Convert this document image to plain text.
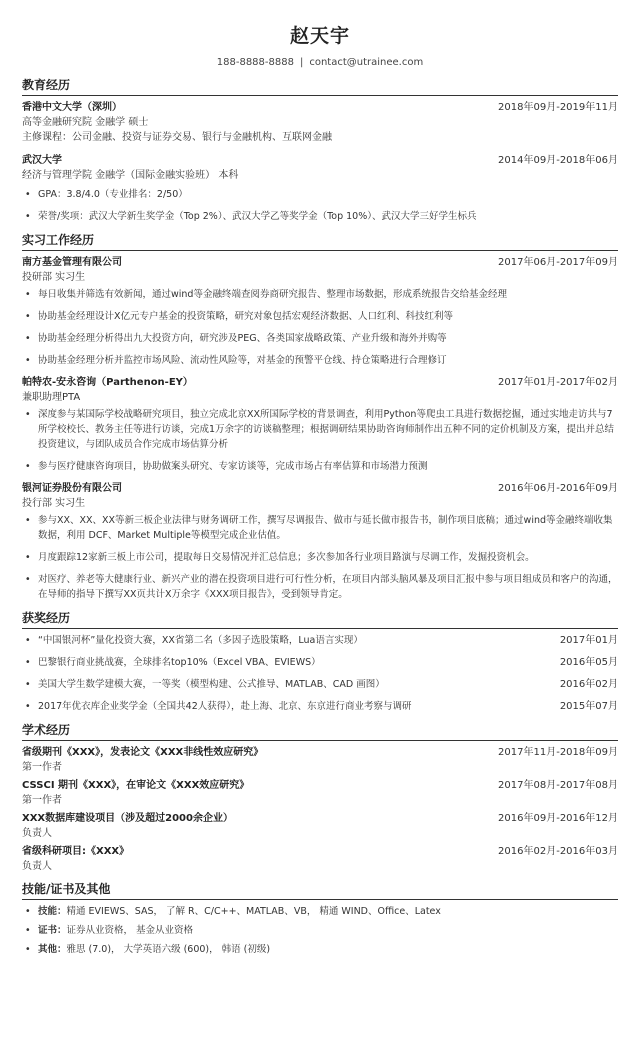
赵天宇
188-8888-8888 | contact@utrainee.com
教育经历
香港中文大学（深圳）	2018年09月-2019年11月
高等金融研究院 金融学 硕士
主修课程：公司金融、投资与证券交易、银行与金融机构、互联网金融
武汉大学	2014年09月-2018年06月
经济与管理学院 金融学（国际金融实验班） 本科
• GPA：3.8/4.0（专业排名：2/50）
• 荣誉/奖项：武汉大学新生奖学金（Top 2%）、武汉大学乙等奖学金（Top 10%）、武汉大学三好学生标兵
实习工作经历
南方基金管理有限公司	2017年06月-2017年09月
投研部 实习生
• 每日收集并筛选有效新闻，通过wind等金融终端查阅券商研究报告、整理市场数据，形成系统报告交给基金经理
• 协助基金经理设计X亿元专户基金的投资策略，研究对象包括宏观经济数据、人口红利、科技红利等
• 协助基金经理分析得出九大投资方向，研究涉及PEG、各类国家战略政策、产业升级和海外并购等
• 协助基金经理分析并监控市场风险、流动性风险等，对基金的预警平仓线、持仓策略进行合理修订
帕特农-安永咨询（Parthenon-EY）	2017年01月-2017年02月
兼职助理PTA
• 深度参与某国际学校战略研究项目，独立完成北京XX所国际学校的背景调查，利用Python等爬虫工具进行数据挖掘，通过实地走访共与7所学校校长、教务主任等进行访谈，完成1万余字的访谈稿整理；根据调研结果协助咨询师制作出五种不同的定价机制及方案，提出并总结投资建议，与团队成员合作完成市场估算分析
• 参与医疗健康咨询项目，协助做案头研究、专家访谈等，完成市场占有率估算和市场潜力预测
银河证券股份有限公司	2016年06月-2016年09月
投行部 实习生
• 参与XX、XX、XX等新三板企业法律与财务调研工作，撰写尽调报告、做市与延长做市报告书，制作项目底稿；通过wind等金融终端收集数据，利用 DCF、Market Multiple等模型完成企业估值。
• 月度跟踪12家新三板上市公司，提取每日交易情况并汇总信息；多次参加各行业项目路演与尽调工作，发掘投资机会。
• 对医疗、养老等大健康行业、新兴产业的潜在投资项目进行可行性分析，在项目内部头脑风暴及项目汇报中参与项目组成员和客户的沟通，在导师的指导下撰写XX页共计X万余字《XXX项目报告》，受到领导肯定。
获奖经历
• “中国银河杯”量化投资大赛，XX省第二名（多因子选股策略，Lua语言实现）	2017年01月
• 巴黎银行商业挑战赛，全球排名top10%（Excel VBA、EVIEWS）	2016年05月
• 美国大学生数学建模大赛，一等奖（模型构建、公式推导、MATLAB、CAD 画图）	2016年02月
• 2017年优衣库企业奖学金（全国共42人获得），赴上海、北京、东京进行商业考察与调研	2015年07月
学术经历
省级期刊《XXX》，发表论文《XXX非线性效应研究》	2017年11月-2018年09月
第一作者
CSSCI 期刊《XXX》，在审论文《XXX效应研究》	2017年08月-2017年08月
第一作者
XXX数据库建设项目（涉及超过2000余企业）	2016年09月-2016年12月
负责人
省级科研项目:《XXX》	2016年02月-2016年03月
负责人
技能/证书及其他
• 技能：精通 EVIEWS、SAS， 了解 R、C/C++、MATLAB、VB， 精通 WIND、Office、Latex
• 证书：证券从业资格， 基金从业资格
• 其他：雅思 (7.0)， 大学英语六级 (600)， 韩语 (初级)
